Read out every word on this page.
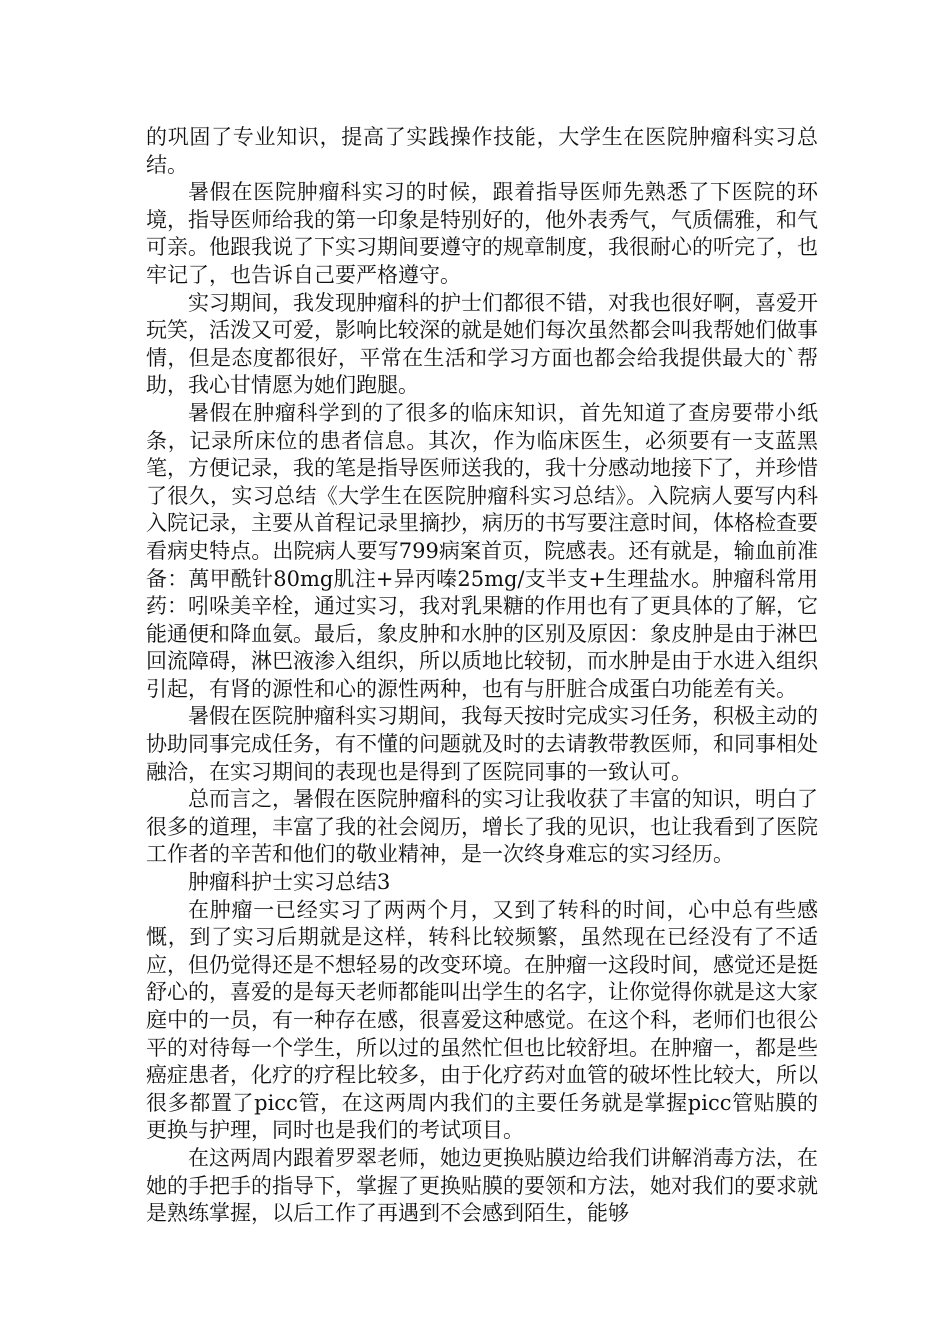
的巩固了专业知识，提高了实践操作技能，大学生在医院肿瘤科实习总结。

暑假在医院肿瘤科实习的时候，跟着指导医师先熟悉了下医院的环境，指导医师给我的第一印象是特别好的，他外表秀气，气质儒雅，和气可亲。他跟我说了下实习期间要遵守的规章制度，我很耐心的听完了，也牢记了，也告诉自己要严格遵守。

实习期间，我发现肿瘤科的护士们都很不错，对我也很好啊，喜爱开玩笑，活泼又可爱，影响比较深的就是她们每次虽然都会叫我帮她们做事情，但是态度都很好，平常在生活和学习方面也都会给我提供最大的`帮助，我心甘情愿为她们跑腿。

暑假在肿瘤科学到的了很多的临床知识，首先知道了查房要带小纸条，记录所床位的患者信息。其次，作为临床医生，必须要有一支蓝黑笔，方便记录，我的笔是指导医师送我的，我十分感动地接下了，并珍惜了很久，实习总结《大学生在医院肿瘤科实习总结》。入院病人要写内科入院记录，主要从首程记录里摘抄，病历的书写要注意时间，体格检查要看病史特点。出院病人要写799病案首页，院感表。还有就是，输血前准备：萬甲酰针80mg肌注+异丙嗪25mg/支半支+生理盐水。肿瘤科常用药：吲哚美辛栓，通过实习，我对乳果糖的作用也有了更具体的了解，它能通便和降血氨。最后，象皮肿和水肿的区别及原因：象皮肿是由于淋巴回流障碍，淋巴液渗入组织，所以质地比较韧，而水肿是由于水进入组织引起，有肾的源性和心的源性两种，也有与肝脏合成蛋白功能差有关。

暑假在医院肿瘤科实习期间，我每天按时完成实习任务，积极主动的协助同事完成任务，有不懂的问题就及时的去请教带教医师，和同事相处融洽，在实习期间的表现也是得到了医院同事的一致认可。

总而言之，暑假在医院肿瘤科的实习让我收获了丰富的知识，明白了很多的道理，丰富了我的社会阅历，增长了我的见识，也让我看到了医院工作者的辛苦和他们的敬业精神，是一次终身难忘的实习经历。

肿瘤科护士实习总结3

在肿瘤一已经实习了两两个月，又到了转科的时间，心中总有些感慨，到了实习后期就是这样，转科比较频繁，虽然现在已经没有了不适应，但仍觉得还是不想轻易的改变环境。在肿瘤一这段时间，感觉还是挺舒心的，喜爱的是每天老师都能叫出学生的名字，让你觉得你就是这大家庭中的一员，有一种存在感，很喜爱这种感觉。在这个科，老师们也很公平的对待每一个学生，所以过的虽然忙但也比较舒坦。在肿瘤一，都是些癌症患者，化疗的疗程比较多，由于化疗药对血管的破坏性比较大，所以很多都置了picc管，在这两周内我们的主要任务就是掌握picc管贴膜的更换与护理，同时也是我们的考试项目。

在这两周内跟着罗翠老师，她边更换贴膜边给我们讲解消毒方法，在她的手把手的指导下，掌握了更换贴膜的要领和方法，她对我们的要求就是熟练掌握，以后工作了再遇到不会感到陌生，能够
